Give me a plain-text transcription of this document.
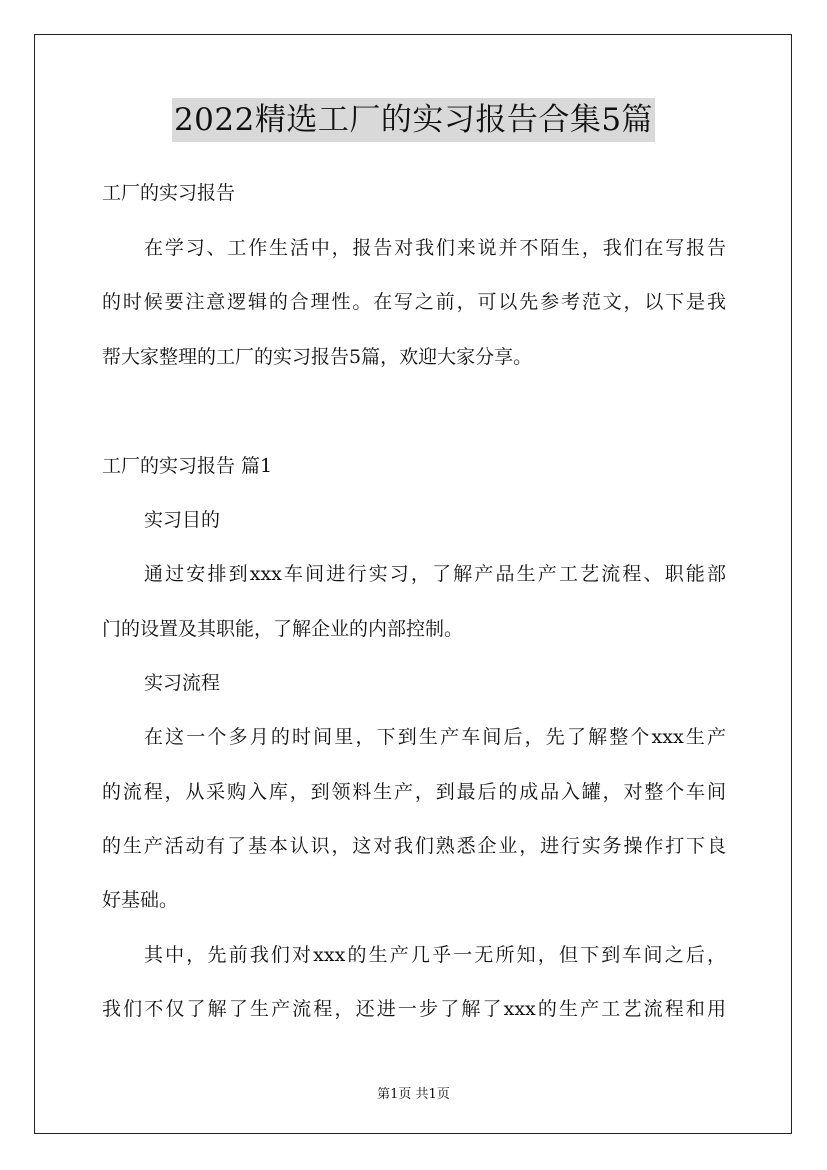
2022精选工厂的实习报告合集5篇
工厂的实习报告
在学习、工作生活中，报告对我们来说并不陌生，我们在写报告
的时候要注意逻辑的合理性。在写之前，可以先参考范文，以下是我
帮大家整理的工厂的实习报告5篇，欢迎大家分享。
工厂的实习报告 篇1
实习目的
通过安排到xxx车间进行实习，了解产品生产工艺流程、职能部
门的设置及其职能，了解企业的内部控制。
实习流程
在这一个多月的时间里，下到生产车间后，先了解整个xxx生产
的流程，从采购入库，到领料生产，到最后的成品入罐，对整个车间
的生产活动有了基本认识，这对我们熟悉企业，进行实务操作打下良
好基础。
其中，先前我们对xxx的生产几乎一无所知，但下到车间之后，
我们不仅了解了生产流程，还进一步了解了xxx的生产工艺流程和用
第1页 共1页
